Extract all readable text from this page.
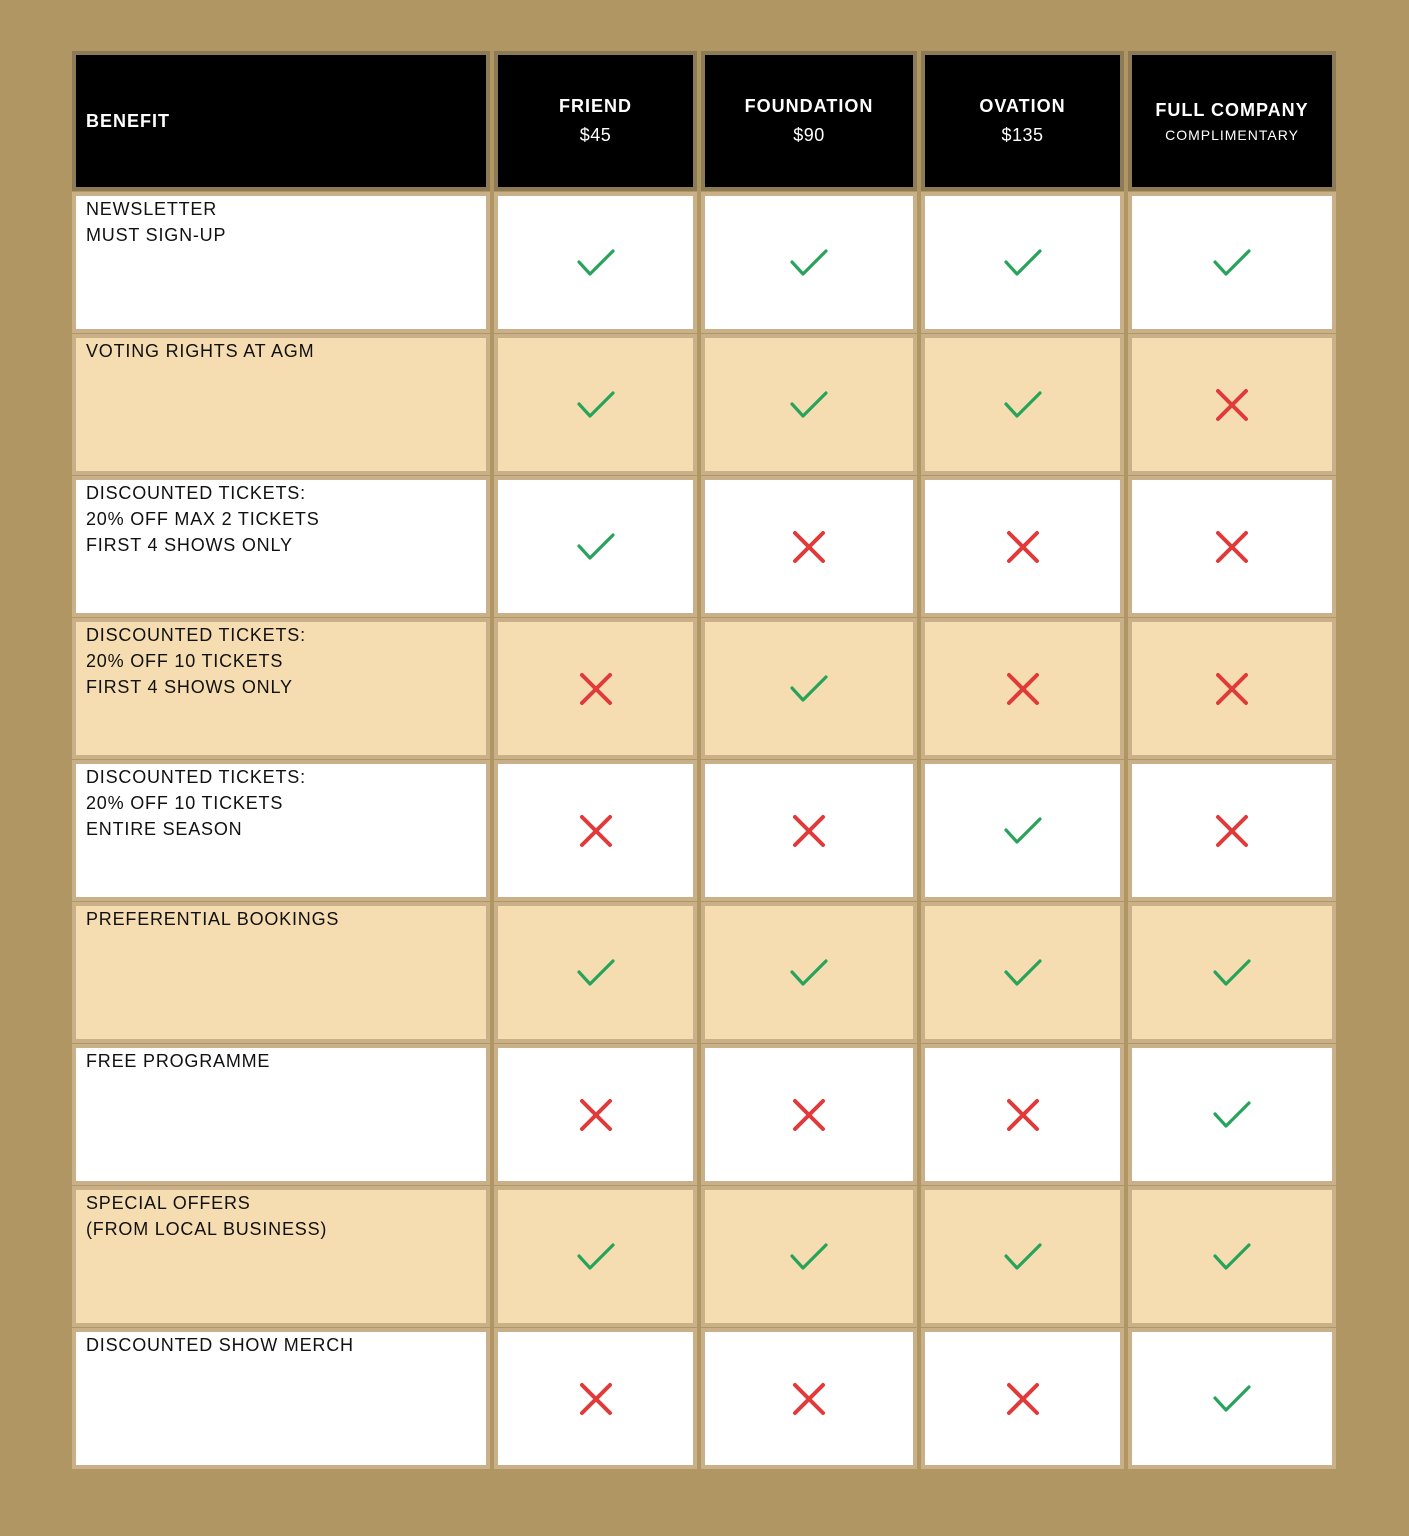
BENEFIT
FRIEND
$45
FOUNDATION
$90
OVATION
$135
FULL COMPANY
COMPLIMENTARY
NEWSLETTER
MUST SIGN-UP
VOTING RIGHTS AT AGM
DISCOUNTED TICKETS:
20% OFF MAX 2 TICKETS
FIRST 4 SHOWS ONLY
DISCOUNTED TICKETS:
20% OFF 10 TICKETS
FIRST 4 SHOWS ONLY
DISCOUNTED TICKETS:
20% OFF 10 TICKETS
ENTIRE SEASON
PREFERENTIAL BOOKINGS
FREE PROGRAMME
SPECIAL OFFERS
(FROM LOCAL BUSINESS)
DISCOUNTED SHOW MERCH
